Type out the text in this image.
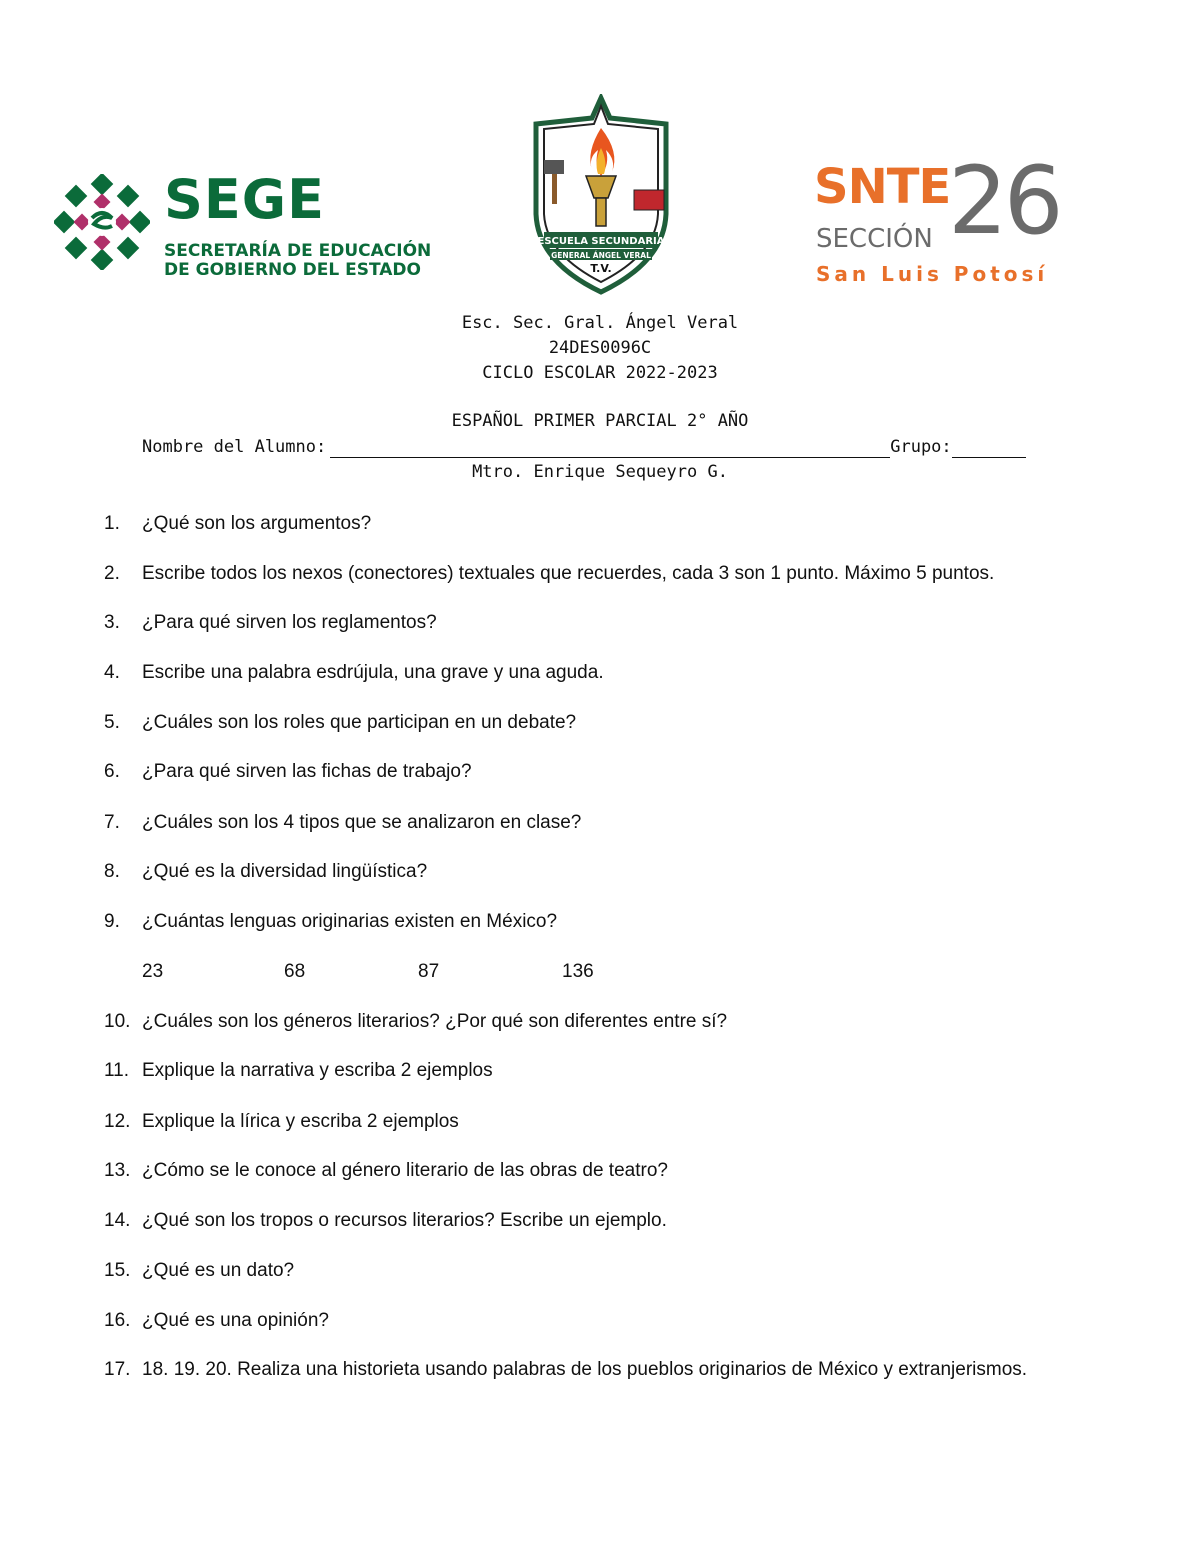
SEGE
SECRETARÍA DE EDUCACIÓN
DE GOBIERNO DEL ESTADO
ESCUELA SECUNDARIA
GENERAL ÁNGEL VERAL
T.V.
SNTE
26
SECCIÓN
San Luis Potosí
Esc. Sec. Gral. Ángel Veral
24DES0096C
CICLO ESCOLAR 2022-2023
ESPAÑOL PRIMER PARCIAL 2° AÑO
Nombre del Alumno:	Grupo:
Mtro. Enrique Sequeyro G.
1. ¿Qué son los argumentos?
2. Escribe todos los nexos (conectores) textuales que recuerdes, cada 3 son 1 punto. Máximo 5 puntos.
3. ¿Para qué sirven los reglamentos?
4. Escribe una palabra esdrújula, una grave y una aguda.
5. ¿Cuáles son los roles que participan en un debate?
6. ¿Para qué sirven las fichas de trabajo?
7. ¿Cuáles son los 4 tipos que se analizaron en clase?
8. ¿Qué es la diversidad lingüística?
9. ¿Cuántas lenguas originarias existen en México?
23	68	87	136
10. ¿Cuáles son los géneros literarios? ¿Por qué son diferentes entre sí?
11. Explique la narrativa y escriba 2 ejemplos
12. Explique la lírica y escriba 2 ejemplos
13. ¿Cómo se le conoce al género literario de las obras de teatro?
14. ¿Qué son los tropos o recursos literarios? Escribe un ejemplo.
15. ¿Qué es un dato?
16. ¿Qué es una opinión?
17. 18. 19. 20. Realiza una historieta usando palabras de los pueblos originarios de México y extranjerismos.
